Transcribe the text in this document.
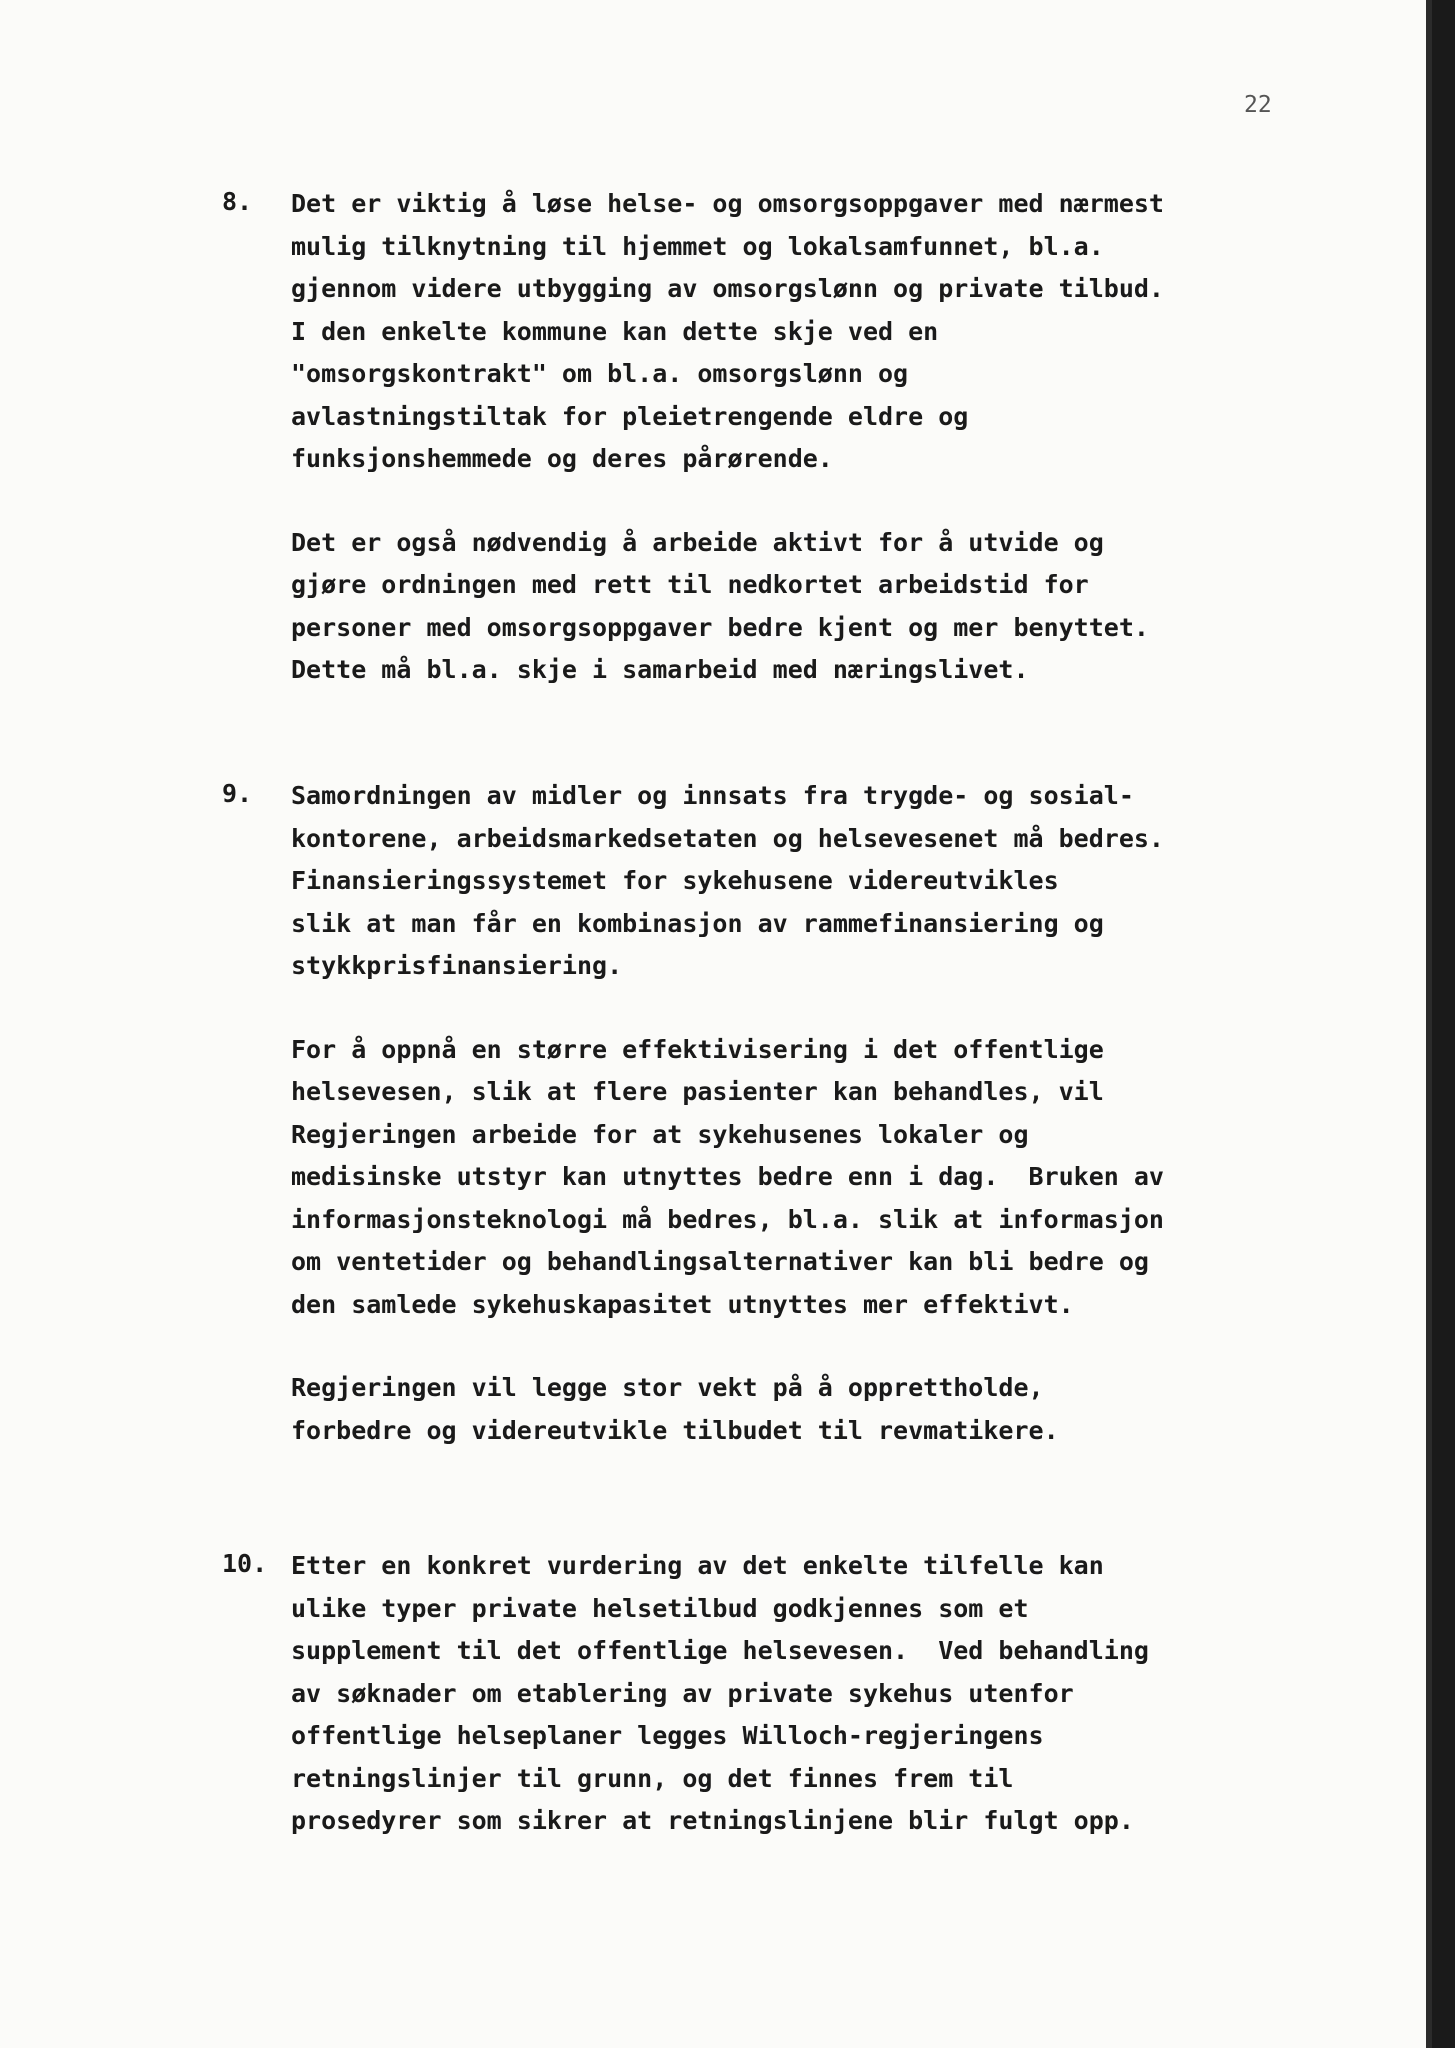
22
8. Det er viktig å løse helse- og omsorgsoppgaver med nærmest
mulig tilknytning til hjemmet og lokalsamfunnet, bl.a.
gjennom videre utbygging av omsorgslønn og private tilbud.
I den enkelte kommune kan dette skje ved en
"omsorgskontrakt" om bl.a. omsorgslønn og
avlastningstiltak for pleietrengende eldre og
funksjonshemmede og deres pårørende.
Det er også nødvendig å arbeide aktivt for å utvide og
gjøre ordningen med rett til nedkortet arbeidstid for
personer med omsorgsoppgaver bedre kjent og mer benyttet.
Dette må bl.a. skje i samarbeid med næringslivet.
9. Samordningen av midler og innsats fra trygde- og sosial-
kontorene, arbeidsmarkedsetaten og helsevesenet må bedres.
Finansieringssystemet for sykehusene videreutvikles
slik at man får en kombinasjon av rammefinansiering og
stykkprisfinansiering.
For å oppnå en større effektivisering i det offentlige
helsevesen, slik at flere pasienter kan behandles, vil
Regjeringen arbeide for at sykehusenes lokaler og
medisinske utstyr kan utnyttes bedre enn i dag.  Bruken av
informasjonsteknologi må bedres, bl.a. slik at informasjon
om ventetider og behandlingsalternativer kan bli bedre og
den samlede sykehuskapasitet utnyttes mer effektivt.
Regjeringen vil legge stor vekt på å opprettholde,
forbedre og videreutvikle tilbudet til revmatikere.
10. Etter en konkret vurdering av det enkelte tilfelle kan
ulike typer private helsetilbud godkjennes som et
supplement til det offentlige helsevesen.  Ved behandling
av søknader om etablering av private sykehus utenfor
offentlige helseplaner legges Willoch-regjeringens
retningslinjer til grunn, og det finnes frem til
prosedyrer som sikrer at retningslinjene blir fulgt opp.
